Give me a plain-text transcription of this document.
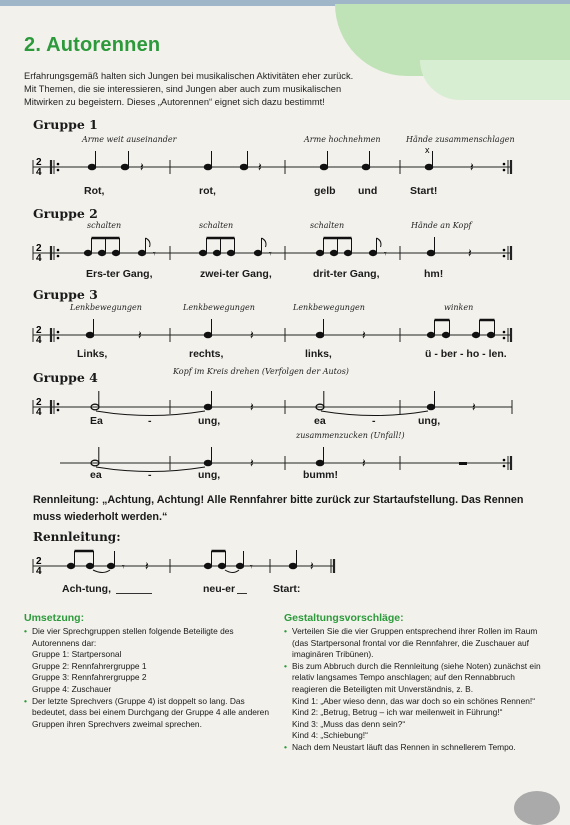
2. Autorennen
Erfahrungsgemäß halten sich Jungen bei musikalischen Aktivitäten eher zurück. Mit Themen, die sie interessieren, sind Jungen aber auch zum musikalischen Mitwirken zu begeistern. Dieses „Autorennen“ eignet sich dazu bestimmt!
Gruppe 1
Arme weit auseinander	Arme hochnehmen	Hände zusammenschlagen
2
4
x
𝄽	𝄽	𝄽
Rot,	rot,	gelb und	Start!
Gruppe 2
schalten	schalten	schalten	Hände an Kopf
2
4	𝄾	𝄾	𝄾	𝄽
Ers-ter Gang,	zwei-ter Gang,	drit-ter Gang,	hm!
Gruppe 3
Lenkbewegungen	Lenkbewegungen	Lenkbewegungen	winken
2
4	𝄽	𝄽	𝄽
Links,	rechts,	links,	ü - ber - ho - len.
Gruppe 4	Kopf im Kreis drehen (Verfolgen der Autos)
2
4	𝄽	𝄽
Ea	-	ung,	ea	-	ung,
zusammenzucken (Unfall!)
𝄽	𝄽
ea	-	ung,	bumm!
Rennleitung: „Achtung, Achtung! Alle Rennfahrer bitte zurück zur Startaufstellung. Das Rennen muss wiederholt werden.“
Rennleitung:
2
4	𝄾 𝄽	𝄾	𝄽
Ach-tung,	neu-er	Start:
Umsetzung:
• Die vier Sprechgruppen stellen folgende Beteiligte des Autorennens dar:
Gruppe 1: Startpersonal
Gruppe 2: Rennfahrergruppe 1
Gruppe 3: Rennfahrergruppe 2
Gruppe 4: Zuschauer
• Der letzte Sprechvers (Gruppe 4) ist doppelt so lang. Das bedeutet, dass bei einem Durchgang der Gruppe 4 alle anderen Gruppen ihren Sprechvers zweimal sprechen.
Gestaltungsvorschläge:
• Verteilen Sie die vier Gruppen entsprechend ihrer Rollen im Raum (das Startpersonal frontal vor die Rennfahrer, die Zuschauer auf imaginären Tribünen).
• Bis zum Abbruch durch die Rennleitung (siehe Noten) zunächst ein relativ langsames Tempo anschlagen; auf den Rennabbruch reagieren die Beteiligten mit Unverständnis, z. B.
Kind 1: „Aber wieso denn, das war doch so ein schönes Rennen!“
Kind 2: „Betrug, Betrug – ich war meilenweit in Führung!“
Kind 3: „Muss das denn sein?“
Kind 4: „Schiebung!“
• Nach dem Neustart läuft das Rennen in schnellerem Tempo.
